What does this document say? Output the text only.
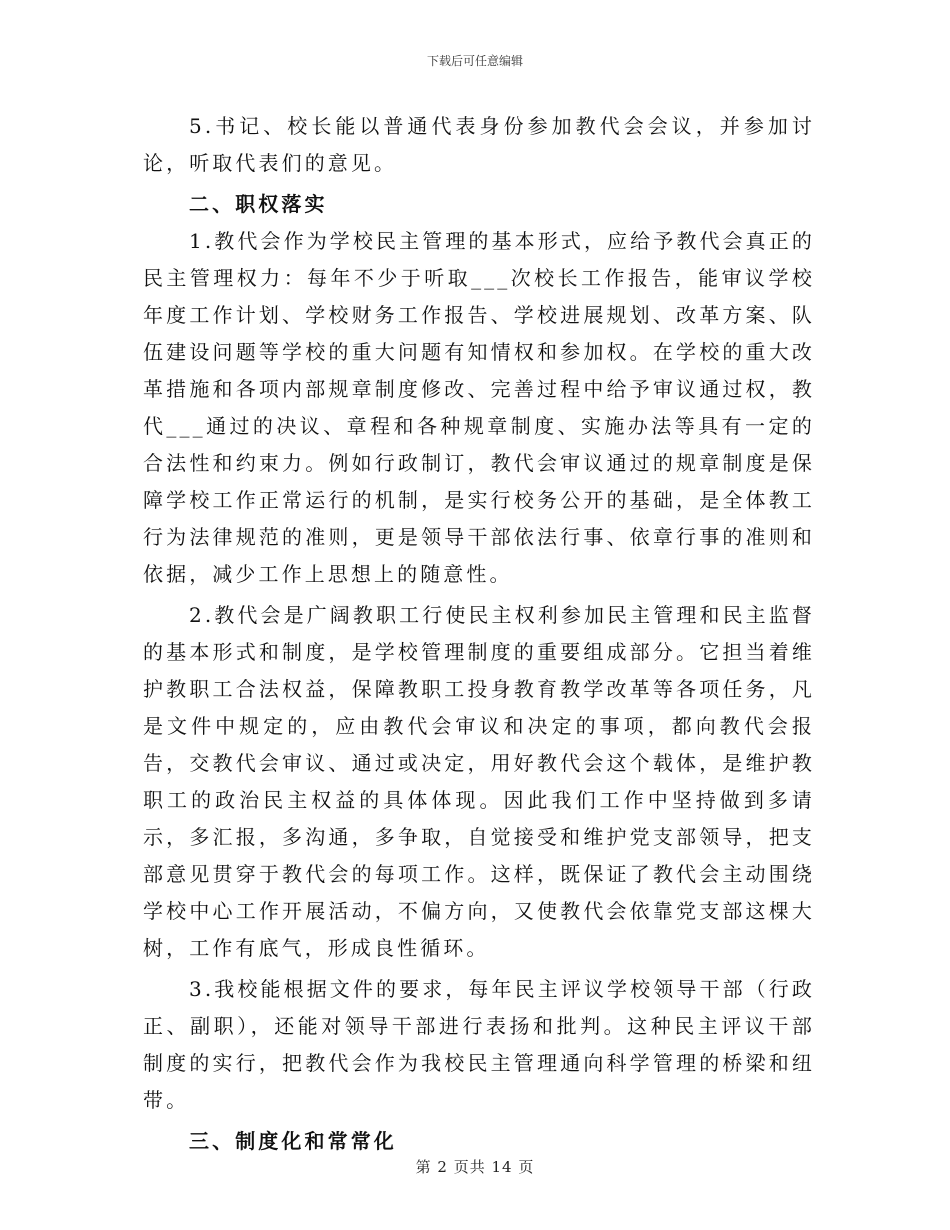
下载后可任意编辑

5.书记、校长能以普通代表身份参加教代会会议，并参加讨论，听取代表们的意见。

二、职权落实

1.教代会作为学校民主管理的基本形式，应给予教代会真正的民主管理权力：每年不少于听取___次校长工作报告，能审议学校年度工作计划、学校财务工作报告、学校进展规划、改革方案、队伍建设问题等学校的重大问题有知情权和参加权。在学校的重大改革措施和各项内部规章制度修改、完善过程中给予审议通过权，教代___通过的决议、章程和各种规章制度、实施办法等具有一定的合法性和约束力。例如行政制订，教代会审议通过的规章制度是保障学校工作正常运行的机制，是实行校务公开的基础，是全体教工行为法律规范的准则，更是领导干部依法行事、依章行事的准则和依据，减少工作上思想上的随意性。

2.教代会是广阔教职工行使民主权利参加民主管理和民主监督的基本形式和制度，是学校管理制度的重要组成部分。它担当着维护教职工合法权益，保障教职工投身教育教学改革等各项任务，凡是文件中规定的，应由教代会审议和决定的事项，都向教代会报告，交教代会审议、通过或决定，用好教代会这个载体，是维护教职工的政治民主权益的具体体现。因此我们工作中坚持做到多请示，多汇报，多沟通，多争取，自觉接受和维护党支部领导，把支部意见贯穿于教代会的每项工作。这样，既保证了教代会主动围绕学校中心工作开展活动，不偏方向，又使教代会依靠党支部这棵大树，工作有底气，形成良性循环。

3.我校能根据文件的要求，每年民主评议学校领导干部（行政正、副职），还能对领导干部进行表扬和批判。这种民主评议干部制度的实行，把教代会作为我校民主管理通向科学管理的桥梁和纽带。

三、制度化和常常化

第 2 页共 14 页
